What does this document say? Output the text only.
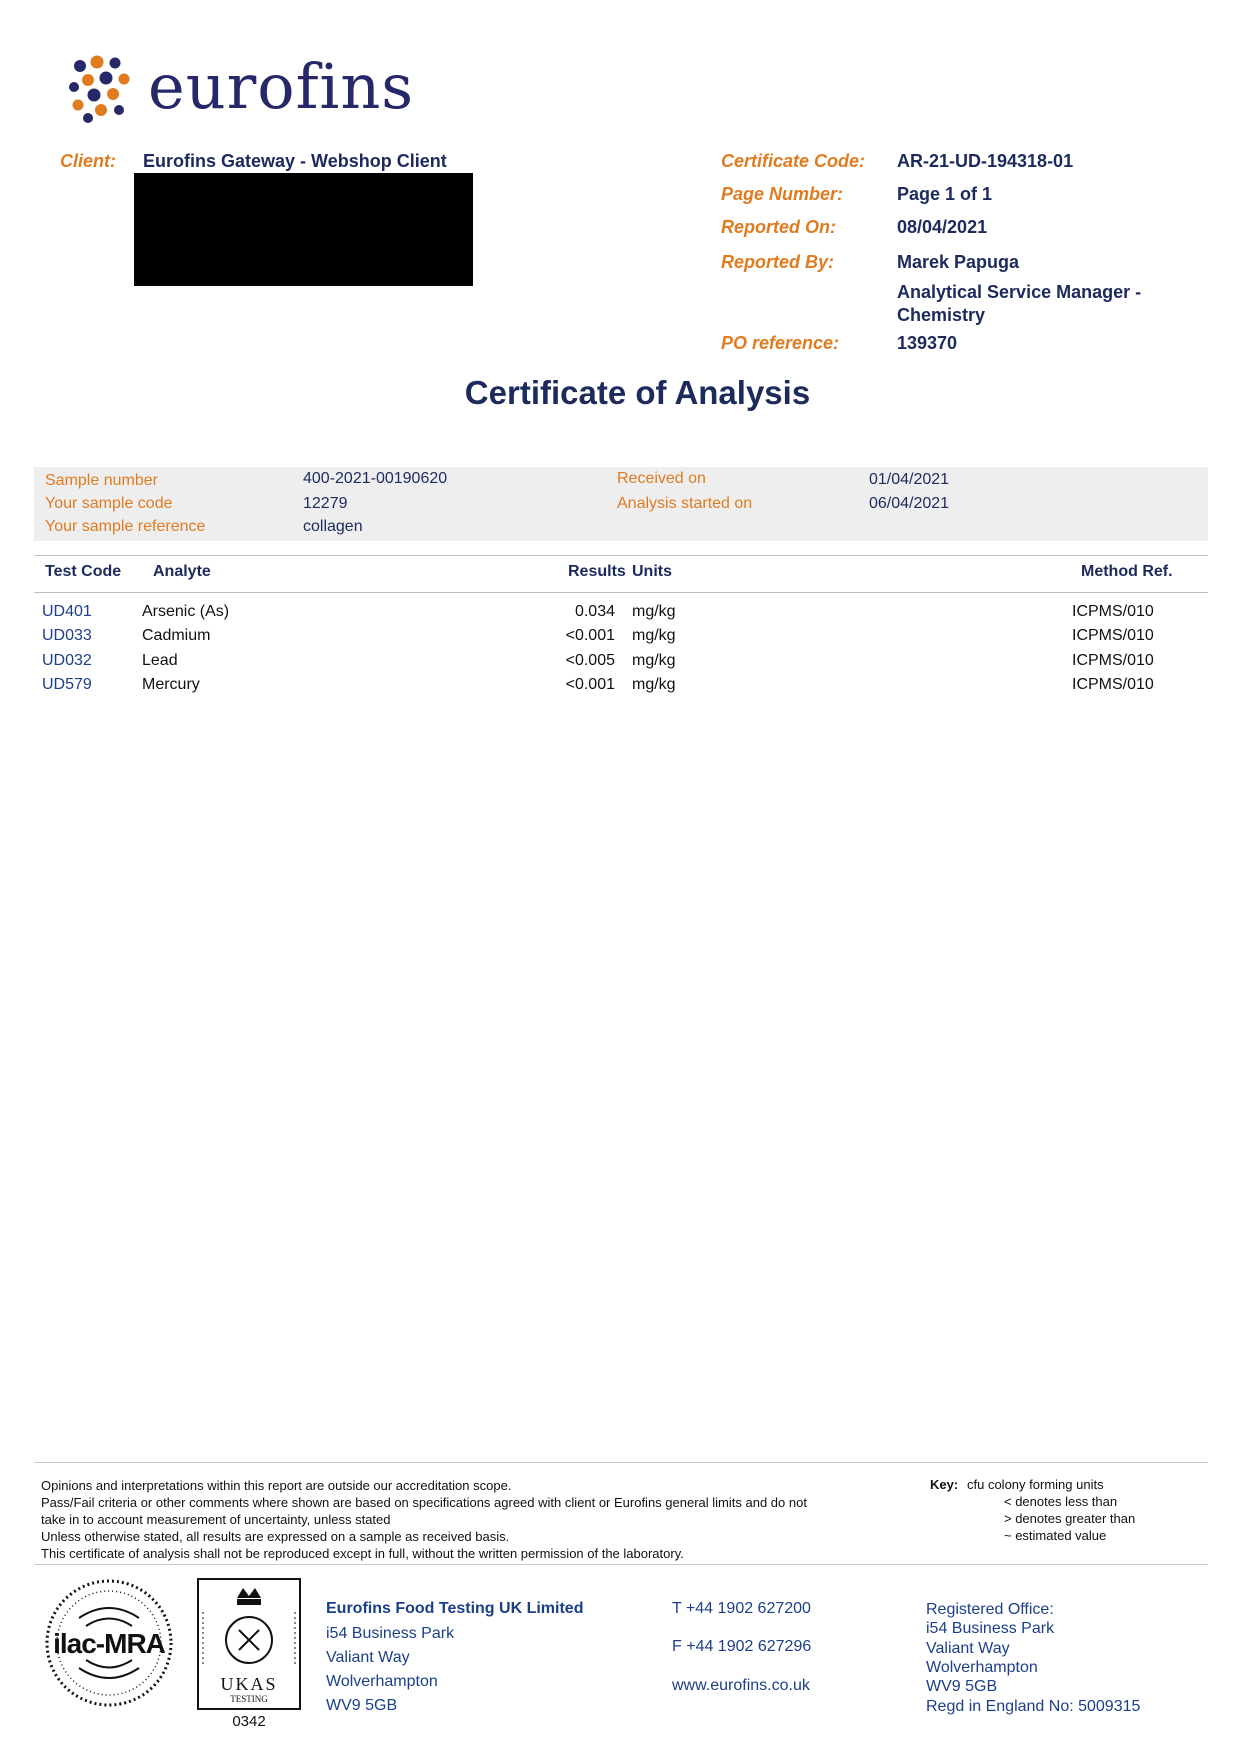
eurofins
Client: Eurofins Gateway - Webshop Client	Certificate Code: AR-21-UD-194318-01
Page Number:	Page 1 of 1
Reported On:	08/04/2021
Reported By:	Marek Papuga
Analytical Service Manager -
Chemistry
PO reference:	139370
Certificate of Analysis
Sample number	400-2021-00190620
Your sample code	12279
Your sample reference	collagen
Received on	01/04/2021
Analysis started on	06/04/2021
Test Code Analyte	Results Units	Method Ref.
UD401	Arsenic (As)	0.034 mg/kg	ICPMS/010
UD033	Cadmium	<0.001 mg/kg	ICPMS/010
UD032	Lead	<0.005 mg/kg	ICPMS/010
UD579	Mercury	<0.001 mg/kg	ICPMS/010
Opinions and interpretations within this report are outside our accreditation scope.
Pass/Fail criteria or other comments where shown are based on specifications agreed with client or Eurofins general limits and do not
take in to account measurement of uncertainty, unless stated
Unless otherwise stated, all results are expressed on a sample as received basis.
This certificate of analysis shall not be reproduced except in full, without the written permission of the laboratory.
Key: cfu colony forming units
< denotes less than
> denotes greater than
~ estimated value
ilac-MRA
UKAS
TESTING
0342
Eurofins Food Testing UK Limited
i54 Business Park
Valiant Way
Wolverhampton
WV9 5GB
T +44 1902 627200
F +44 1902 627296
www.eurofins.co.uk
Registered Office:
i54 Business Park
Valiant Way
Wolverhampton
WV9 5GB
Regd in England No: 5009315
